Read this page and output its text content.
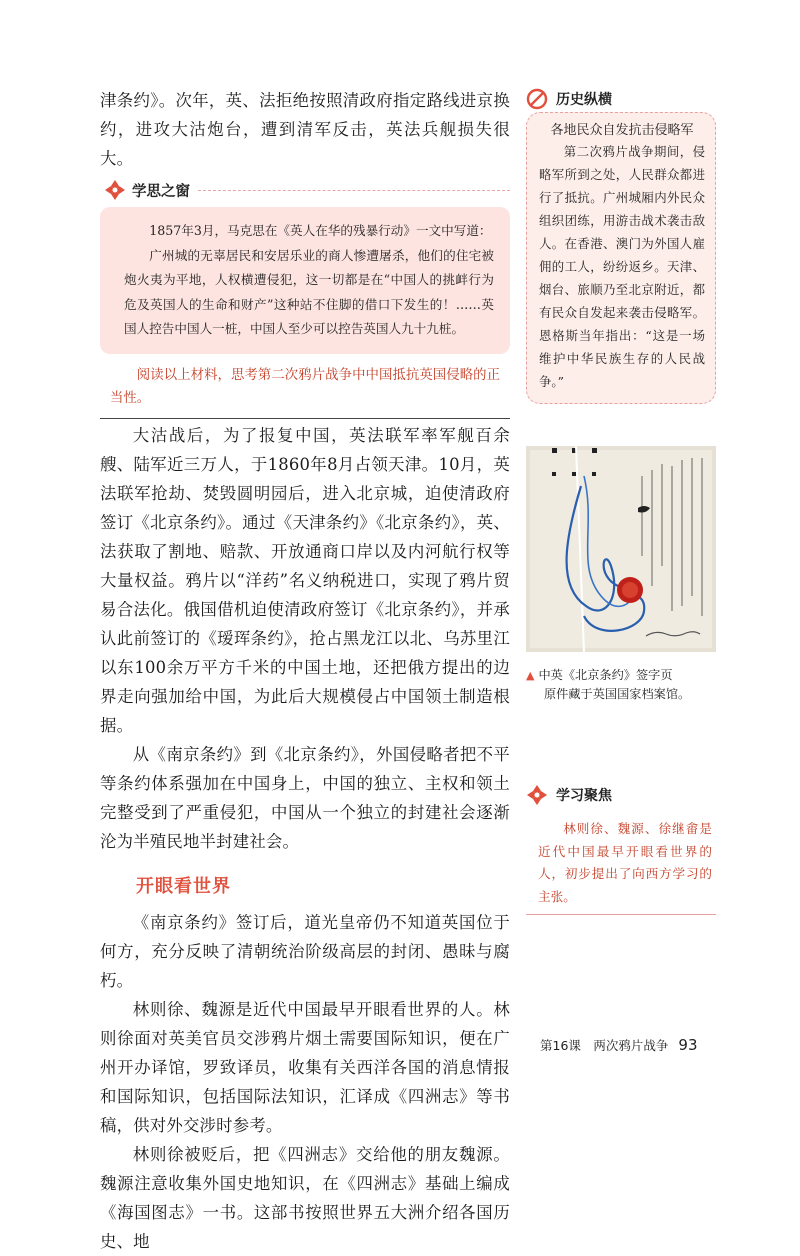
津条约》。次年，英、法拒绝按照清政府指定路线进京换约，进攻大沽炮台，遭到清军反击，英法兵舰损失很大。

学思之窗

1857年3月，马克思在《英人在华的残暴行动》一文中写道：

广州城的无辜居民和安居乐业的商人惨遭屠杀，他们的住宅被炮火夷为平地，人权横遭侵犯，这一切都是在“中国人的挑衅行为危及英国人的生命和财产”这种站不住脚的借口下发生的！……英国人控告中国人一桩，中国人至少可以控告英国人九十九桩。

阅读以上材料，思考第二次鸦片战争中中国抵抗英国侵略的正当性。

大沽战后，为了报复中国，英法联军率军舰百余艘、陆军近三万人，于1860年8月占领天津。10月，英法联军抢劫、焚毁圆明园后，进入北京城，迫使清政府签订《北京条约》。通过《天津条约》《北京条约》，英、法获取了割地、赔款、开放通商口岸以及内河航行权等大量权益。鸦片以“洋药”名义纳税进口，实现了鸦片贸易合法化。俄国借机迫使清政府签订《北京条约》，并承认此前签订的《瑷珲条约》，抢占黑龙江以北、乌苏里江以东100余万平方千米的中国土地，还把俄方提出的边界走向强加给中国，为此后大规模侵占中国领土制造根据。

从《南京条约》到《北京条约》，外国侵略者把不平等条约体系强加在中国身上，中国的独立、主权和领土完整受到了严重侵犯，中国从一个独立的封建社会逐渐沦为半殖民地半封建社会。

开眼看世界

《南京条约》签订后，道光皇帝仍不知道英国位于何方，充分反映了清朝统治阶级高层的封闭、愚昧与腐朽。

林则徐、魏源是近代中国最早开眼看世界的人。林则徐面对英美官员交涉鸦片烟土需要国际知识，便在广州开办译馆，罗致译员，收集有关西洋各国的消息情报和国际知识，包括国际法知识，汇译成《四洲志》等书稿，供对外交涉时参考。

林则徐被贬后，把《四洲志》交给他的朋友魏源。魏源注意收集外国史地知识，在《四洲志》基础上编成《海国图志》一书。这部书按照世界五大洲介绍各国历史、地

历史纵横
各地民众自发抗击侵略军

第二次鸦片战争期间，侵略军所到之处，人民群众都进行了抵抗。广州城厢内外民众组织团练，用游击战术袭击敌人。在香港、澳门为外国人雇佣的工人，纷纷返乡。天津、烟台、旅顺乃至北京附近，都有民众自发起来袭击侵略军。恩格斯当年指出：“这是一场维护中华民族生存的人民战争。”

▲ 中英《北京条约》签字页
原件藏于英国国家档案馆。
学习聚焦
林则徐、魏源、徐继畬是近代中国最早开眼看世界的人，初步提出了向西方学习的主张。
第16课　两次鸦片战争 93
